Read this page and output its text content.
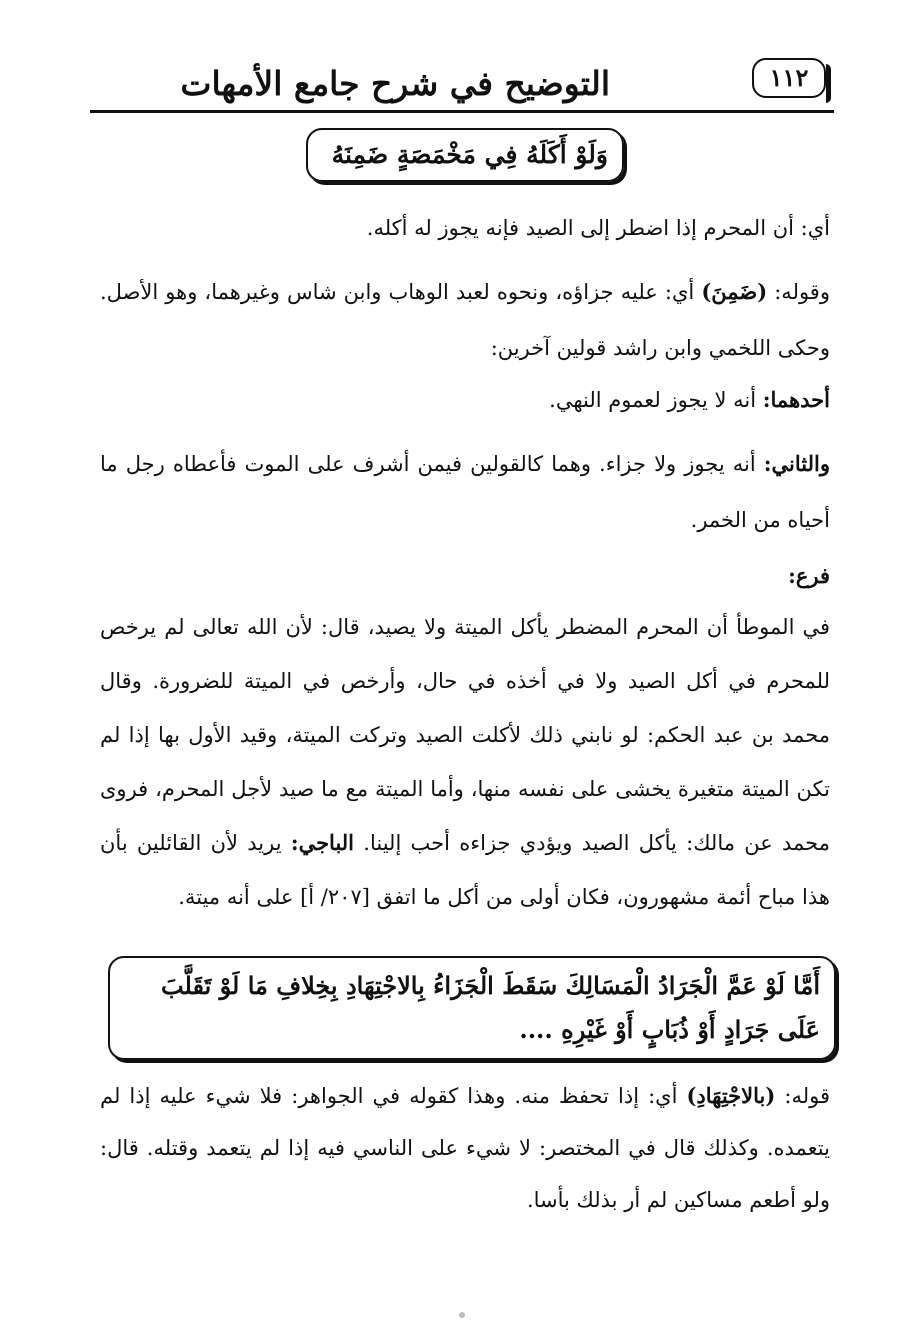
التوضيح في شرح جامع الأمهات	١١٢
وَلَوْ أَكَلَهُ فِي مَخْمَصَةٍ ضَمِنَهُ
أي: أن المحرم إذا اضطر إلى الصيد فإنه يجوز له أكله.
وقوله: (ضَمِنَ) أي: عليه جزاؤه، ونحوه لعبد الوهاب وابن شاس وغيرهما، وهو الأصل. وحكى اللخمي وابن راشد قولين آخرين:
أحدهما: أنه لا يجوز لعموم النهي.
والثاني: أنه يجوز ولا جزاء. وهما كالقولين فيمن أشرف على الموت فأعطاه رجل ما أحياه من الخمر.
فرع:
في الموطأ أن المحرم المضطر يأكل الميتة ولا يصيد، قال: لأن الله تعالى لم يرخص للمحرم في أكل الصيد ولا في أخذه في حال، وأرخص في الميتة للضرورة. وقال محمد بن عبد الحكم: لو نابني ذلك لأكلت الصيد وتركت الميتة، وقيد الأول بها إذا لم تكن الميتة متغيرة يخشى على نفسه منها، وأما الميتة مع ما صيد لأجل المحرم، فروى محمد عن مالك: يأكل الصيد ويؤدي جزاءه أحب إلينا. الباجي: يريد لأن القائلين بأن هذا مباح أئمة مشهورون، فكان أولى من أكل ما اتفق [٢٠٧/ أ] على أنه ميتة.
أَمَّا لَوْ عَمَّ الْجَرَادُ الْمَسَالِكَ سَقَطَ الْجَزَاءُ بِالاجْتِهَادِ بِخِلافِ مَا لَوْ تَقَلَّبَ عَلَى جَرَادٍ أَوْ ذُبَابٍ أَوْ غَيْرِهِ ....
قوله: (بالاجْتِهَادِ) أي: إذا تحفظ منه. وهذا كقوله في الجواهر: فلا شيء عليه إذا لم يتعمده. وكذلك قال في المختصر: لا شيء على الناسي فيه إذا لم يتعمد وقتله. قال: ولو أطعم مساكين لم أر بذلك بأسا.
